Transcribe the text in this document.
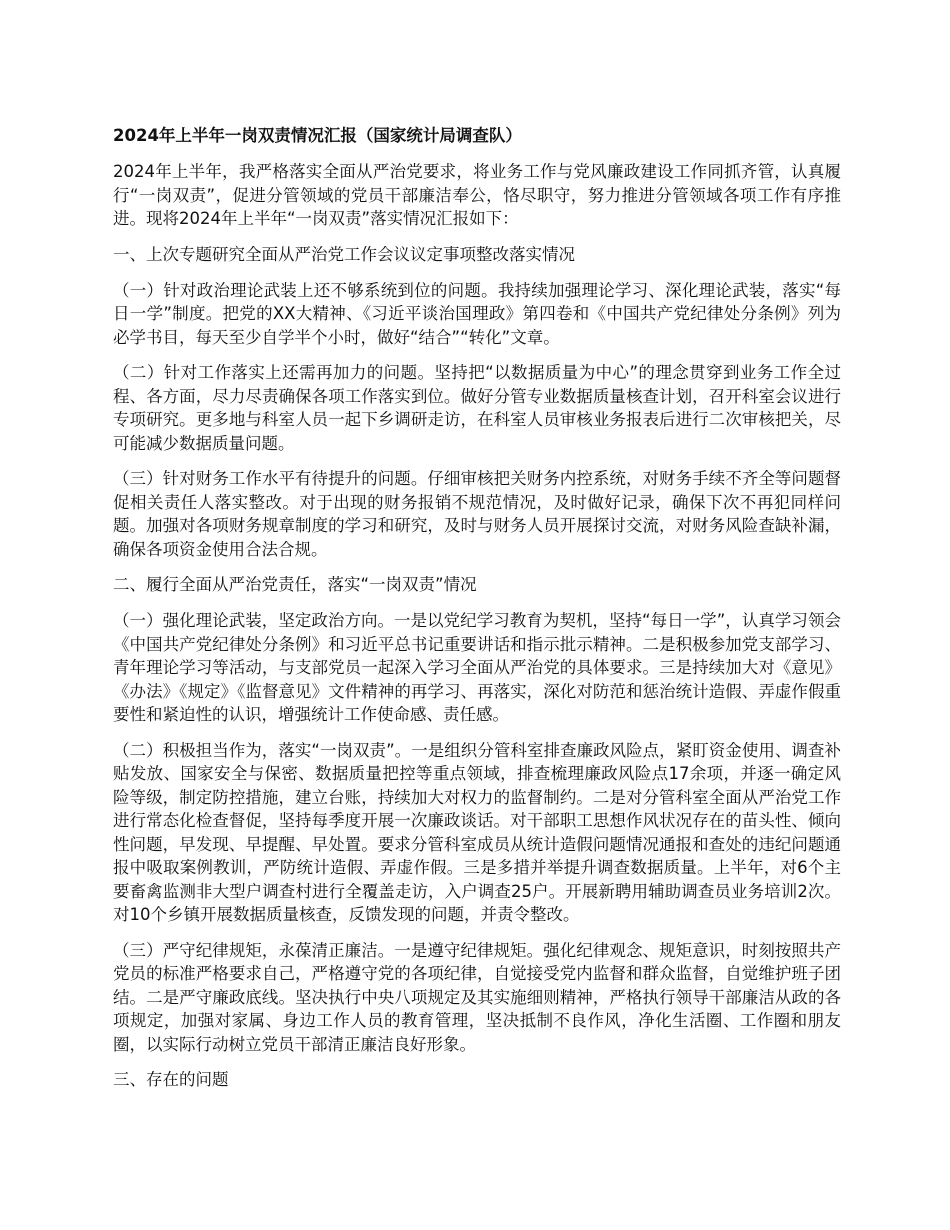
2024年上半年一岗双责情况汇报（国家统计局调查队）
2024年上半年，我严格落实全面从严治党要求，将业务工作与党风廉政建设工作同抓齐管，认真履行“一岗双责”，促进分管领域的党员干部廉洁奉公，恪尽职守，努力推进分管领域各项工作有序推进。现将2024年上半年“一岗双责”落实情况汇报如下：
一、上次专题研究全面从严治党工作会议议定事项整改落实情况
（一）针对政治理论武装上还不够系统到位的问题。我持续加强理论学习、深化理论武装，落实“每日一学”制度。把党的XX大精神、《习近平谈治国理政》第四卷和《中国共产党纪律处分条例》列为必学书目，每天至少自学半个小时，做好“结合”“转化”文章。
（二）针对工作落实上还需再加力的问题。坚持把“以数据质量为中心”的理念贯穿到业务工作全过程、各方面，尽力尽责确保各项工作落实到位。做好分管专业数据质量核查计划，召开科室会议进行专项研究。更多地与科室人员一起下乡调研走访，在科室人员审核业务报表后进行二次审核把关，尽可能减少数据质量问题。
（三）针对财务工作水平有待提升的问题。仔细审核把关财务内控系统，对财务手续不齐全等问题督促相关责任人落实整改。对于出现的财务报销不规范情况，及时做好记录，确保下次不再犯同样问题。加强对各项财务规章制度的学习和研究，及时与财务人员开展探讨交流，对财务风险查缺补漏，确保各项资金使用合法合规。
二、履行全面从严治党责任，落实“一岗双责”情况
（一）强化理论武装，坚定政治方向。一是以党纪学习教育为契机，坚持“每日一学”，认真学习领会《中国共产党纪律处分条例》和习近平总书记重要讲话和指示批示精神。二是积极参加党支部学习、青年理论学习等活动，与支部党员一起深入学习全面从严治党的具体要求。三是持续加大对《意见》《办法》《规定》《监督意见》文件精神的再学习、再落实，深化对防范和惩治统计造假、弄虚作假重要性和紧迫性的认识，增强统计工作使命感、责任感。
（二）积极担当作为，落实“一岗双责”。一是组织分管科室排查廉政风险点，紧盯资金使用、调查补贴发放、国家安全与保密、数据质量把控等重点领域，排查梳理廉政风险点17余项，并逐一确定风险等级，制定防控措施，建立台账，持续加大对权力的监督制约。二是对分管科室全面从严治党工作进行常态化检查督促，坚持每季度开展一次廉政谈话。对干部职工思想作风状况存在的苗头性、倾向性问题，早发现、早提醒、早处置。要求分管科室成员从统计造假问题情况通报和查处的违纪问题通报中吸取案例教训，严防统计造假、弄虚作假。三是多措并举提升调查数据质量。上半年，对6个主要畜禽监测非大型户调查村进行全覆盖走访，入户调查25户。开展新聘用辅助调查员业务培训2次。对10个乡镇开展数据质量核查，反馈发现的问题，并责令整改。
（三）严守纪律规矩，永葆清正廉洁。一是遵守纪律规矩。强化纪律观念、规矩意识，时刻按照共产党员的标准严格要求自己，严格遵守党的各项纪律，自觉接受党内监督和群众监督，自觉维护班子团结。二是严守廉政底线。坚决执行中央八项规定及其实施细则精神，严格执行领导干部廉洁从政的各项规定，加强对家属、身边工作人员的教育管理，坚决抵制不良作风，净化生活圈、工作圈和朋友圈，以实际行动树立党员干部清正廉洁良好形象。
三、存在的问题
